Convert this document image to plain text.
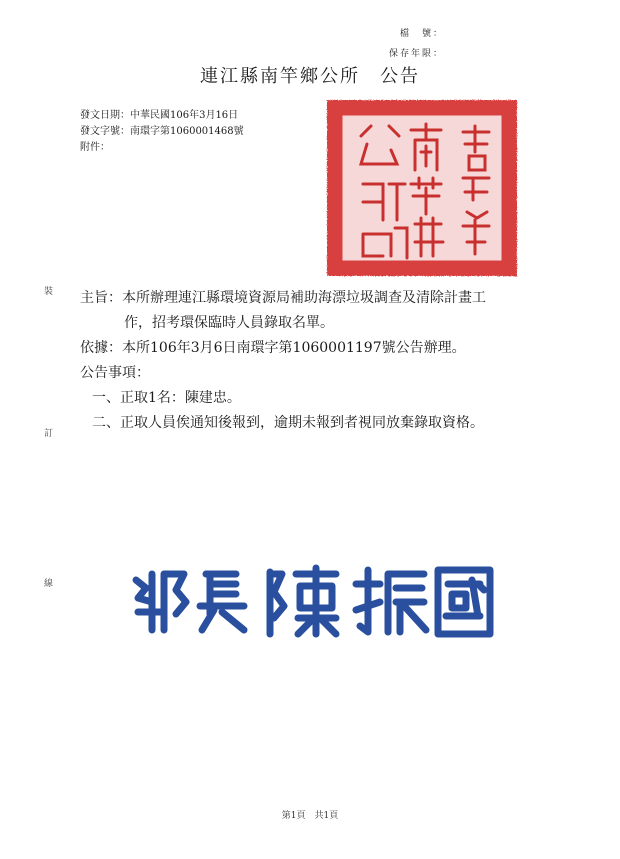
檔　號：
保存年限：
連江縣南竿鄉公所　公告
發文日期：中華民國106年3月16日
發文字號：南環字第1060001468號
附件：
裝
訂
線
主旨： 本所辦理連江縣環境資源局補助海漂垃圾調查及清除計畫工
作，招考環保臨時人員錄取名單。
依據： 本所106年3月6日南環字第1060001197號公告辦理。
公告事項：
一、正取1名：陳建忠。
二、正取人員俟通知後報到，逾期未報到者視同放棄錄取資格。
第1頁　共1頁
